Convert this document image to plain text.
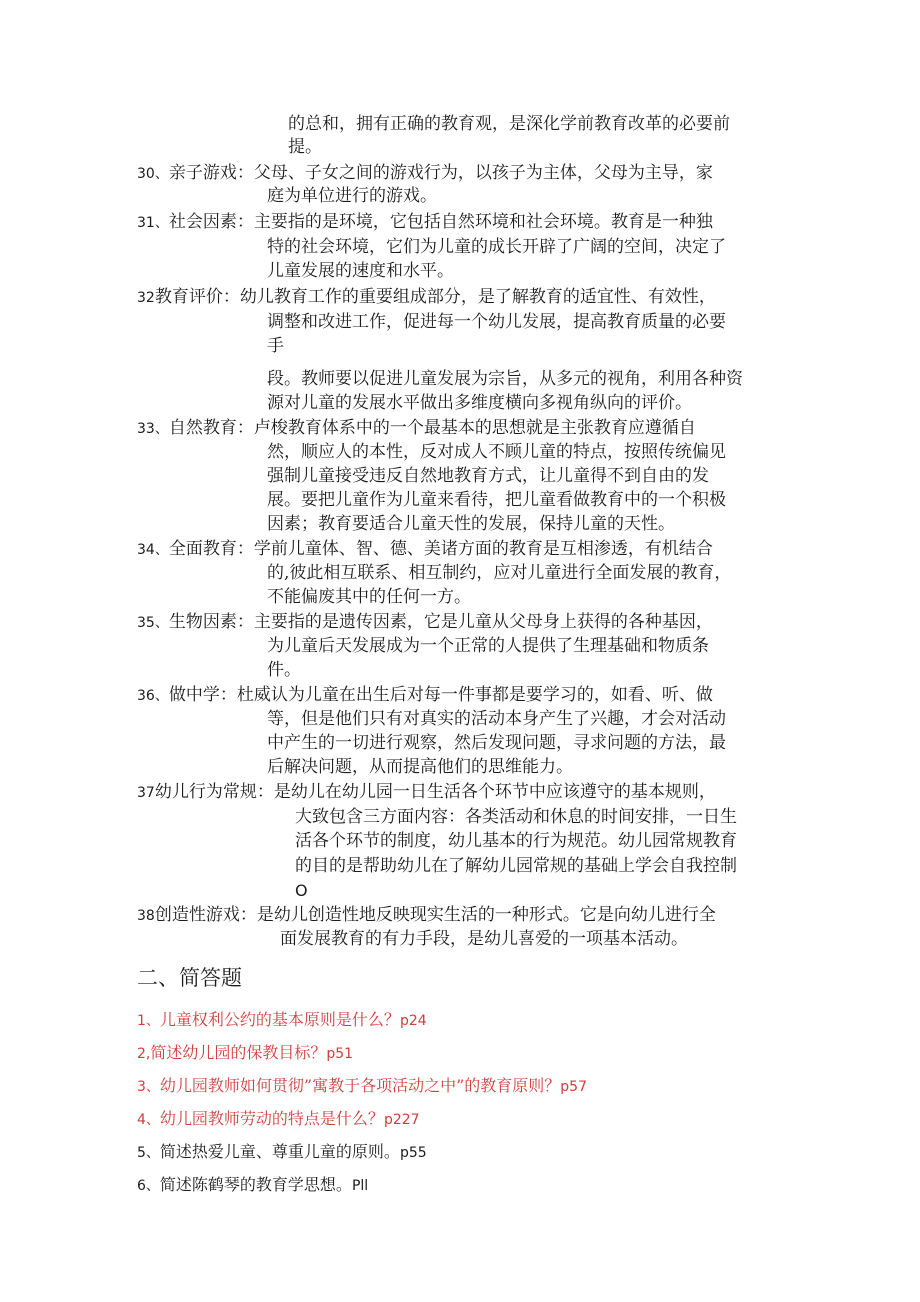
的总和，拥有正确的教育观，是深化学前教育改革的必要前
提。
30、亲子游戏：父母、子女之间的游戏行为，以孩子为主体，父母为主导，家
庭为单位进行的游戏。
31、社会因素：主要指的是环境，它包括自然环境和社会环境。教育是一种独
特的社会环境，它们为儿童的成长开辟了广阔的空间，决定了
儿童发展的速度和水平。
32教育评价：幼儿教育工作的重要组成部分，是了解教育的适宜性、有效性，
调整和改进工作，促进每一个幼儿发展，提高教育质量的必要
手
段。教师要以促进儿童发展为宗旨，从多元的视角，利用各种资
源对儿童的发展水平做出多维度横向多视角纵向的评价。
33、自然教育：卢梭教育体系中的一个最基本的思想就是主张教育应遵循自
然，顺应人的本性，反对成人不顾儿童的特点，按照传统偏见
强制儿童接受违反自然地教育方式，让儿童得不到自由的发
展。要把儿童作为儿童来看待，把儿童看做教育中的一个积极
因素；教育要适合儿童天性的发展，保持儿童的天性。
34、全面教育：学前儿童体、智、德、美诸方面的教育是互相渗透，有机结合
的,彼此相互联系、相互制约，应对儿童进行全面发展的教育，
不能偏废其中的任何一方。
35、生物因素：主要指的是遗传因素，它是儿童从父母身上获得的各种基因，
为儿童后天发展成为一个正常的人提供了生理基础和物质条
件。
36、做中学：杜威认为儿童在出生后对每一件事都是要学习的，如看、听、做
等，但是他们只有对真实的活动本身产生了兴趣，才会对活动
中产生的一切进行观察，然后发现问题，寻求问题的方法，最
后解决问题，从而提高他们的思维能力。
37幼儿行为常规：是幼儿在幼儿园一日生活各个环节中应该遵守的基本规则，
大致包含三方面内容：各类活动和休息的时间安排，一日生
活各个环节的制度，幼儿基本的行为规范。幼儿园常规教育
的目的是帮助幼儿在了解幼儿园常规的基础上学会自我控制
O
38创造性游戏：是幼儿创造性地反映现实生活的一种形式。它是向幼儿进行全
面发展教育的有力手段，是幼儿喜爱的一项基本活动。
二、简答题
1、儿童权利公约的基本原则是什么？p24
2,简述幼儿园的保教目标？p51
3、幼儿园教师如何贯彻”寓教于各项活动之中”的教育原则？p57
4、幼儿园教师劳动的特点是什么？p227
5、简述热爱儿童、尊重儿童的原则。p55
6、简述陈鹤琴的教育学思想。Pll
